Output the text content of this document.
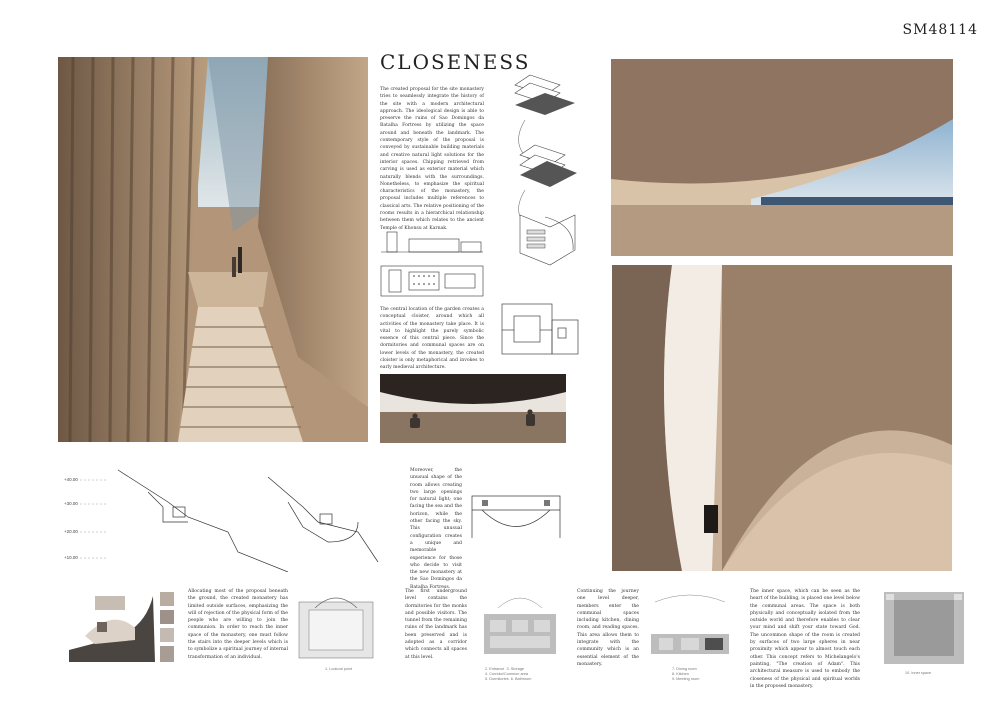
SM48114
CLOSENESS
The created proposal for the site monastery tries to seamlessly integrate the history of the site with a modern architectural approach. The ideological design is able to preserve the ruins of Sao Domingos da Batalha Fortress by utilizing the space around and beneath the landmark. The contemporary style of the proposal is conveyed by sustainable building materials and creative natural light solutions for the interior spaces. Chipping retrieved from carving is used as exterior material which naturally blends with the surroundings. Nonetheless, to emphasize the spiritual characteristics of the monastery, the proposal includes multiple references to classical arts. The relative positioning of the rooms results in a hierarchical relationship between them which relates to the ancient Temple of Khonsu at Karnak.
The central location of the garden creates a conceptual cloister, around which all activities of the monastery take place. It is vital to highlight the purely symbolic essence of this central piece. Since the dormitories and communal spaces are on lower levels of the monastery, the created cloister is only metaphorical and invokes to early medieval architecture.
+40.00
+30.00
+20.00
+10.00
Moreover, the unusual shape of the room allows creating two large openings for natural light; one facing the sea and the horizon, while the other facing the sky. This unusual configuration creates a unique and memorable experience for those who decide to visit the new monastery at the Sao Domingos da Batalha Fortress.
Allocating most of the proposal beneath the ground, the created monastery has limited outside surfaces, emphasizing the will of rejection of the physical form of the people who are willing to join the communion. In order to reach the inner space of the monastery, one must follow the stairs into the deeper levels which is to symbolize a spiritual journey of internal transformation of an individual.
1. Lookout point
The first underground level contains the dormitories for the monks and possible visitors. The tunnel from the remaining ruins of the landmark has been preserved and is adopted as a corridor which connects all spaces at this level.
2. Entrance  3. Storage
4. Corridor/Common area
5. Dormitories  6. Bathroom
Continuing the journey one level deeper, members enter the communal spaces including kitchen, dining room, and reading spaces. This area allows them to integrate with the community which is an essential element of the monastery.
7. Dining room
8. Kitchen
9. Meeting room
The inner space, which can be seen as the heart of the building, is placed one level below the communal areas. The space is both physically and conceptually isolated from the outside world and therefore enables to clear your mind and shift your state toward God. The uncommon shape of the room is created by surfaces of two large spheres in near proximity which appear to almost touch each other. This concept refers to Michelangelo's painting, "The creation of Adam". This architectural measure is used to embody the closeness of the physical and spiritual worlds in the proposed monastery.
10. Inner space
